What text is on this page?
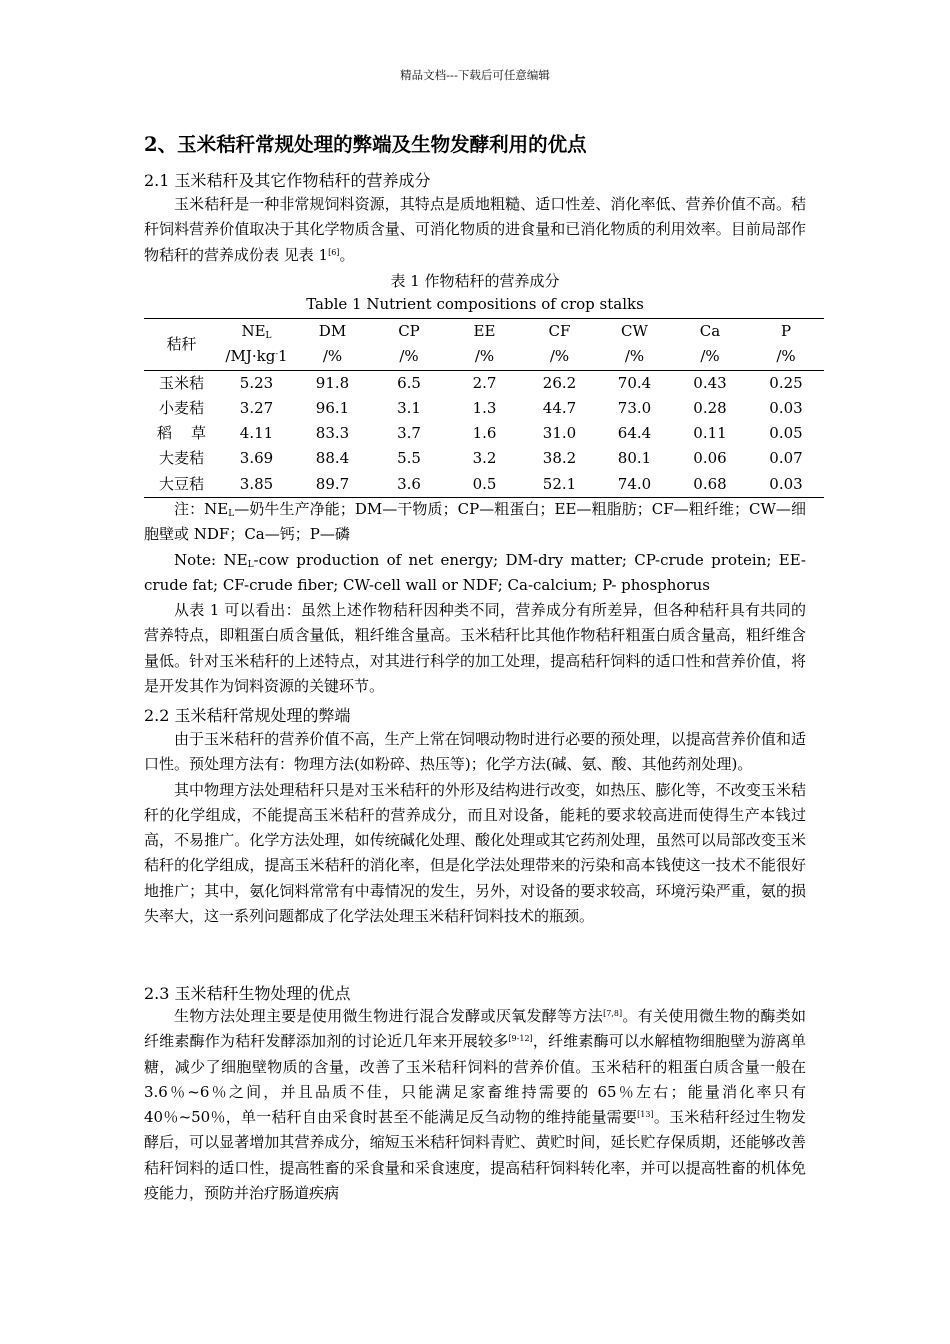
精品文档---下载后可任意编辑
2、玉米秸秆常规处理的弊端及生物发酵利用的优点
2.1 玉米秸秆及其它作物秸秆的营养成分

玉米秸秆是一种非常规饲料资源，其特点是质地粗糙、适口性差、消化率低、营养价值不高。秸秆饲料营养价值取决于其化学物质含量、可消化物质的进食量和已消化物质的利用效率。目前局部作物秸秆的营养成份表 见表 1[6]。

表 1 作物秸秆的营养成分
Table 1 Nutrient compositions of crop stalks
秸秆	$NE_L$	DM	CP	EE	CF	CW	Ca	P
	/MJ·kg-1	/%	/%	/%	/%	/%	/%	/%
玉米秸	5.23	91.8	6.5	2.7	26.2	70.4	0.43	0.25
小麦秸	3.27	96.1	3.1	1.3	44.7	73.0	0.28	0.03
稻    草	4.11	83.3	3.7	1.6	31.0	64.4	0.11	0.05
大麦秸	3.69	88.4	5.5	3.2	38.2	80.1	0.06	0.07
大豆秸	3.85	89.7	3.6	0.5	52.1	74.0	0.68	0.03

注：$NE_L—$奶牛生产净能；DM—干物质；CP—粗蛋白；EE—粗脂肪；CF—粗纤维；CW—细胞壁或 NDF；Ca—钙；P—磷

Note: $NE_L$-cow production of net energy; DM-dry matter; CP-crude protein; EE-crude fat; CF-crude fiber; CW-cell wall or NDF; Ca-calcium; P- phosphorus

从表 1 可以看出：虽然上述作物秸秆因种类不同，营养成分有所差异，但各种秸秆具有共同的营养特点，即粗蛋白质含量低，粗纤维含量高。玉米秸秆比其他作物秸秆粗蛋白质含量高，粗纤维含量低。针对玉米秸秆的上述特点，对其进行科学的加工处理，提高秸秆饲料的适口性和营养价值，将是开发其作为饲料资源的关键环节。

2.2 玉米秸秆常规处理的弊端

由于玉米秸秆的营养价值不高，生产上常在饲喂动物时进行必要的预处理，以提高营养价值和适口性。预处理方法有：物理方法(如粉碎、热压等)；化学方法(碱、氨、酸、其他药剂处理)。

其中物理方法处理秸秆只是对玉米秸秆的外形及结构进行改变，如热压、膨化等，不改变玉米秸秆的化学组成，不能提高玉米秸秆的营养成分，而且对设备，能耗的要求较高进而使得生产本钱过高，不易推广。化学方法处理，如传统碱化处理、酸化处理或其它药剂处理，虽然可以局部改变玉米秸秆的化学组成，提高玉米秸秆的消化率，但是化学法处理带来的污染和高本钱使这一技术不能很好地推广；其中，氨化饲料常常有中毒情况的发生，另外，对设备的要求较高，环境污染严重，氨的损失率大，这一系列问题都成了化学法处理玉米秸秆饲料技术的瓶颈。

2.3 玉米秸秆生物处理的优点

生物方法处理主要是使用微生物进行混合发酵或厌氧发酵等方法[7,8]。有关使用微生物的酶类如纤维素酶作为秸秆发酵添加剂的讨论近几年来开展较多[9-12]，纤维素酶可以水解植物细胞壁为游离单糖，减少了细胞壁物质的含量，改善了玉米秸秆饲料的营养价值。玉米秸秆的粗蛋白质含量一般在 3.6％~6％之间，并且品质不佳，只能满足家畜维持需要的 65％左右；能量消化率只有 40％~50％，单一秸秆自由采食时甚至不能满足反刍动物的维持能量需要[13]。玉米秸秆经过生物发酵后，可以显著增加其营养成分，缩短玉米秸秆饲料青贮、黄贮时间，延长贮存保质期，还能够改善秸秆饲料的适口性，提高牲畜的采食量和采食速度，提高秸秆饲料转化率，并可以提高牲畜的机体免疫能力，预防并治疗肠道疾病
